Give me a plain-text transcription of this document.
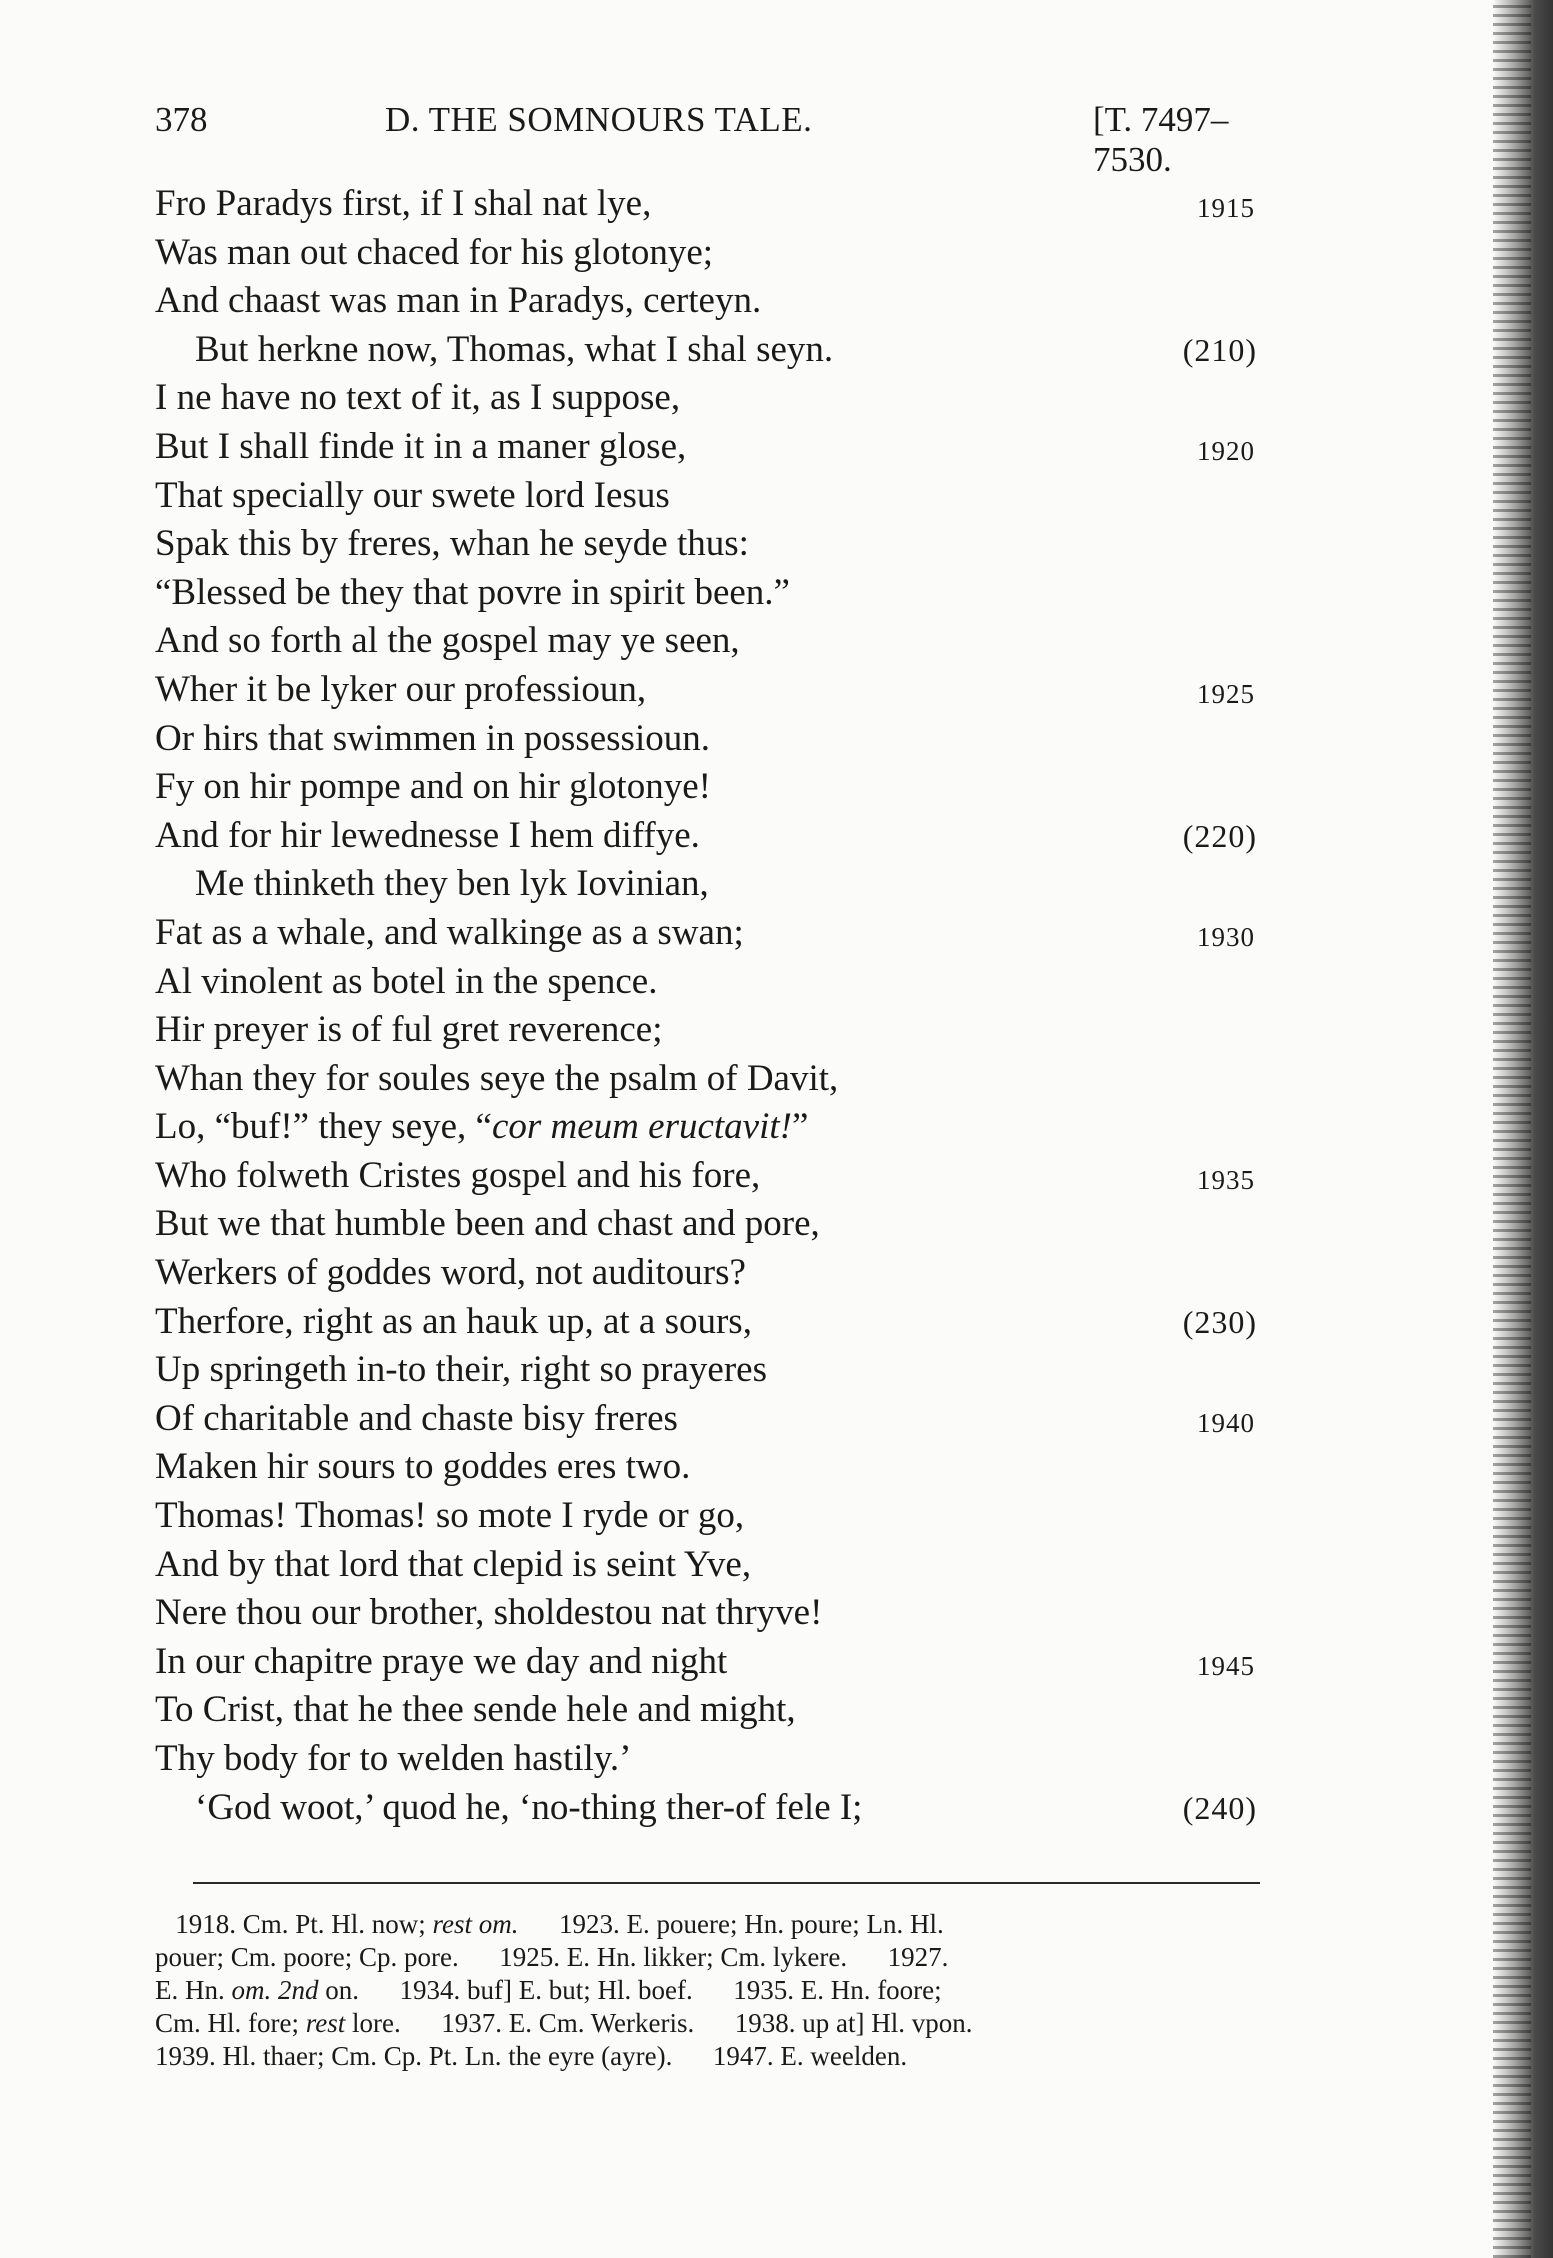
378	D. THE SOMNOURS TALE.	[T. 7497–7530.
Fro Paradys first, if I shal nat lye,	1915
Was man out chaced for his glotonye;
And chaast was man in Paradys, certeyn.
But herkne now, Thomas, what I shal seyn.	(210)
I ne have no text of it, as I suppose,
But I shall finde it in a maner glose,	1920
That specially our swete lord Iesus
Spak this by freres, whan he seyde thus:
“Blessed be they that povre in spirit been.”
And so forth al the gospel may ye seen,
Wher it be lyker our professioun,	1925
Or hirs that swimmen in possessioun.
Fy on hir pompe and on hir glotonye!
And for hir lewednesse I hem diffye.	(220)
Me thinketh they ben lyk Iovinian,
Fat as a whale, and walkinge as a swan;	1930
Al vinolent as botel in the spence.
Hir preyer is of ful gret reverence;
Whan they for soules seye the psalm of Davit,
Lo, “buf!” they seye, “cor meum eructavit!”
Who folweth Cristes gospel and his fore,	1935
But we that humble been and chast and pore,
Werkers of goddes word, not auditours?
Therfore, right as an hauk up, at a sours,	(230)
Up springeth in-to their, right so prayeres
Of charitable and chaste bisy freres	1940
Maken hir sours to goddes eres two.
Thomas! Thomas! so mote I ryde or go,
And by that lord that clepid is seint Yve,
Nere thou our brother, sholdestou nat thryve!
In our chapitre praye we day and night	1945
To Crist, that he thee sende hele and might,
Thy body for to welden hastily.’
‘God woot,’ quod he, ‘no-thing ther-of fele I;	(240)
1918. Cm. Pt. Hl. now; rest om.      1923. E. pouere; Hn. poure; Ln. Hl.
pouer; Cm. poore; Cp. pore.      1925. E. Hn. likker; Cm. lykere.      1927.
E. Hn. om. 2nd on.      1934. buf] E. but; Hl. boef.      1935. E. Hn. foore;
Cm. Hl. fore; rest lore.      1937. E. Cm. Werkeris.      1938. up at] Hl. vpon.
1939. Hl. thaer; Cm. Cp. Pt. Ln. the eyre (ayre).      1947. E. weelden.
